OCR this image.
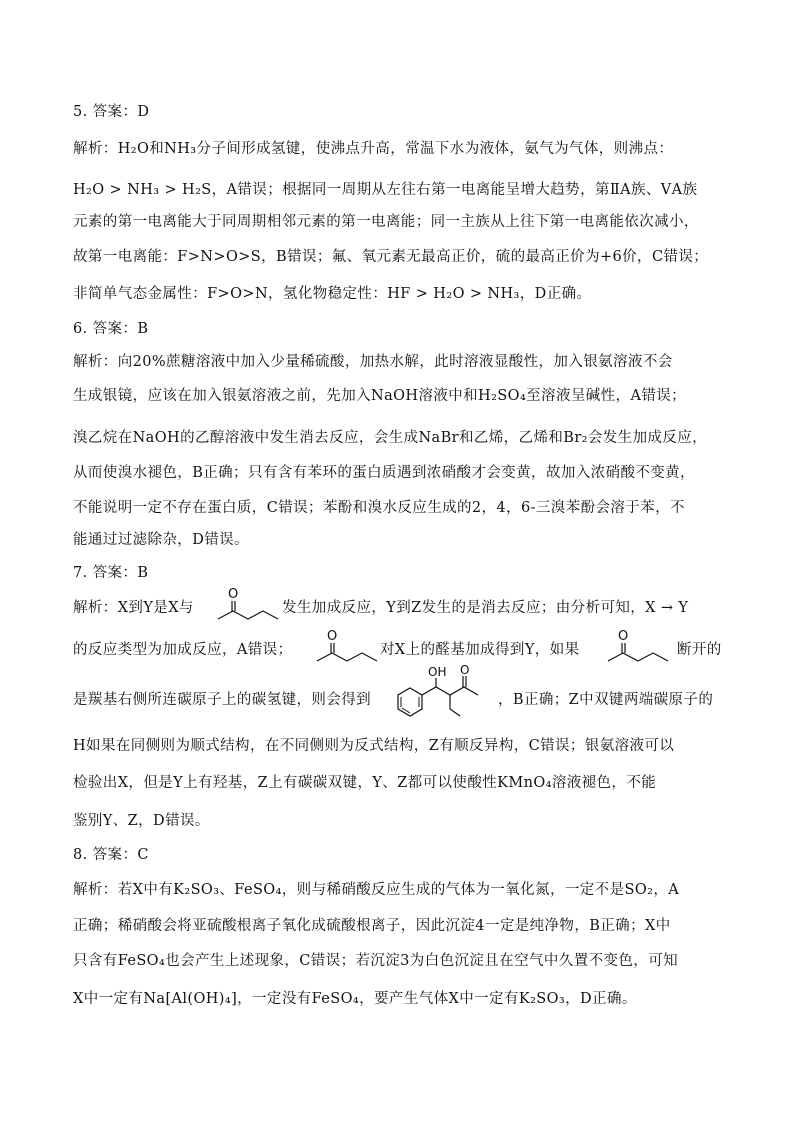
5. 答案：D
解析：H₂O和NH₃分子间形成氢键，使沸点升高，常温下水为液体，氨气为气体，则沸点：
H₂O > NH₃ > H₂S，A错误；根据同一周期从左往右第一电离能呈增大趋势，第ⅡA族、ⅤA族
元素的第一电离能大于同周期相邻元素的第一电离能；同一主族从上往下第一电离能依次减小，
故第一电离能：F>N>O>S，B错误；氟、氧元素无最高正价，硫的最高正价为+6价，C错误；
非简单气态金属性：F>O>N，氢化物稳定性：HF > H₂O > NH₃，D正确。
6. 答案：B
解析：向20%蔗糖溶液中加入少量稀硫酸，加热水解，此时溶液显酸性，加入银氨溶液不会
生成银镜，应该在加入银氨溶液之前，先加入NaOH溶液中和H₂SO₄至溶液呈碱性，A错误；
溴乙烷在NaOH的乙醇溶液中发生消去反应，会生成NaBr和乙烯，乙烯和Br₂会发生加成反应，
从而使溴水褪色，B正确；只有含有苯环的蛋白质遇到浓硝酸才会变黄，故加入浓硝酸不变黄，
不能说明一定不存在蛋白质，C错误；苯酚和溴水反应生成的2，4，6-三溴苯酚会溶于苯，不
能通过过滤除杂，D错误。
7. 答案：B
解析：X到Y是X与
O
发生加成反应，Y到Z发生的是消去反应；由分析可知，X → Y
的反应类型为加成反应，A错误；
O
对X上的醛基加成得到Y，如果
O
断开的
是羰基右侧所连碳原子上的碳氢键，则会得到
OH O
，B正确；Z中双键两端碳原子的
H如果在同侧则为顺式结构，在不同侧则为反式结构，Z有顺反异构，C错误；银氨溶液可以
检验出X，但是Y上有羟基，Z上有碳碳双键，Y、Z都可以使酸性KMnO₄溶液褪色，不能
鉴别Y、Z，D错误。
8. 答案：C
解析：若X中有K₂SO₃、FeSO₄，则与稀硝酸反应生成的气体为一氧化氮，一定不是SO₂，A
正确；稀硝酸会将亚硫酸根离子氧化成硫酸根离子，因此沉淀4一定是纯净物，B正确；X中
只含有FeSO₄也会产生上述现象，C错误；若沉淀3为白色沉淀且在空气中久置不变色，可知
X中一定有Na[Al(OH)₄]，一定没有FeSO₄，要产生气体X中一定有K₂SO₃，D正确。
